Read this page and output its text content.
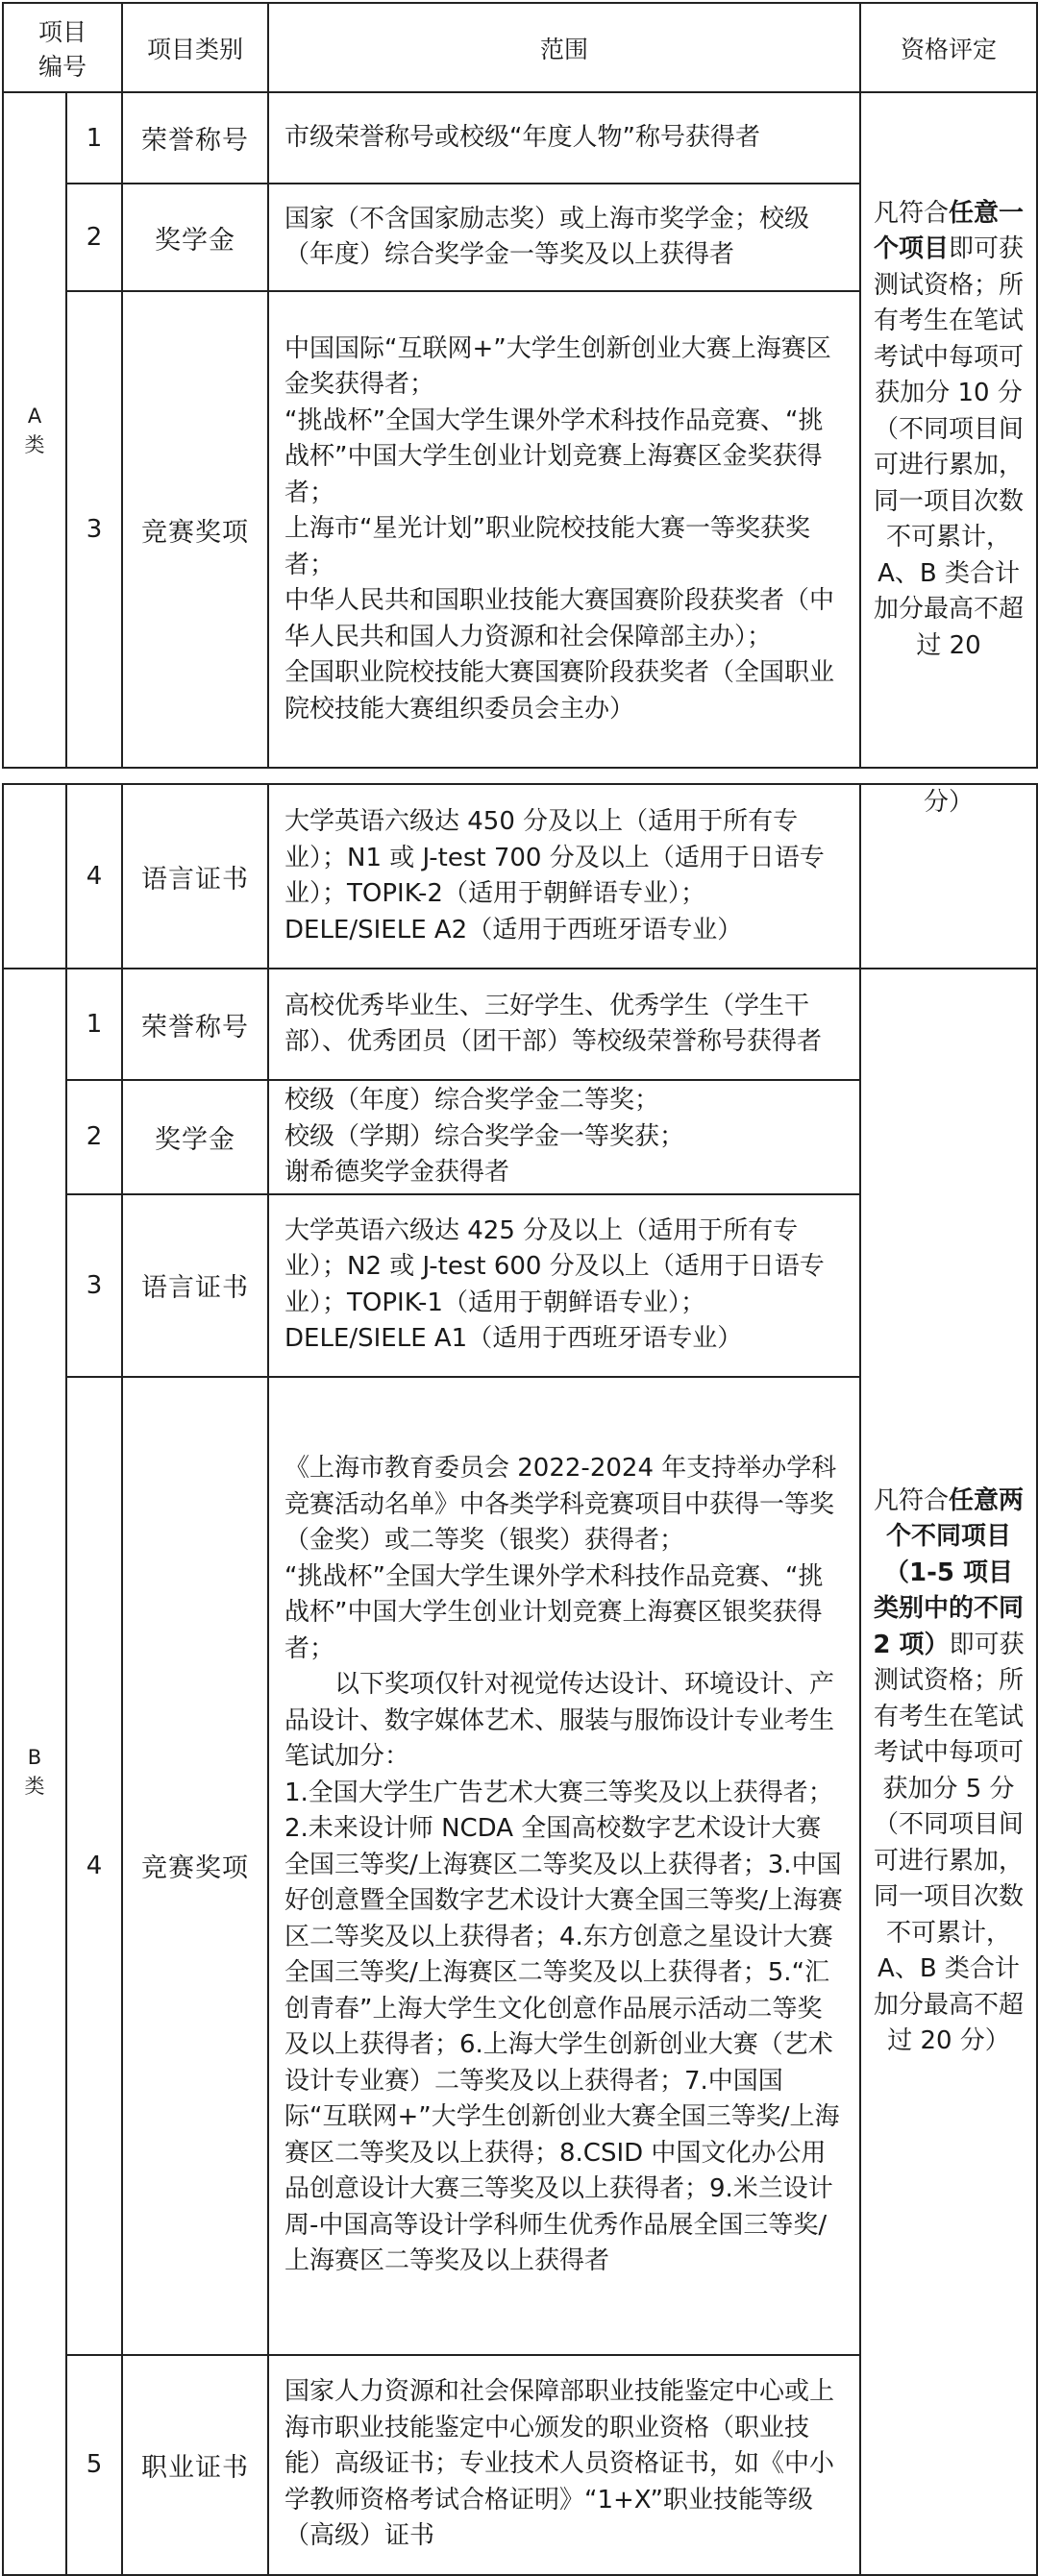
项目
编号		项目类别	范围	资格评定

A
类	1	荣誉称号	市级荣誉称号或校级“年度人物”称号获得者	凡符合任意一个项目即可获测试资格；所有考生在笔试考试中每项可获加分 10 分（不同项目间可进行累加，同一项目次数不可累计，A、B 类合计加分最高不超过 20
	2	奖学金	国家（不含国家励志奖）或上海市奖学金；校级（年度）综合奖学金一等奖及以上获得者	
	3	竞赛奖项	中国国际“互联网+”大学生创新创业大赛上海赛区金奖获得者；
“挑战杯”全国大学生课外学术科技作品竞赛、“挑战杯”中国大学生创业计划竞赛上海赛区金奖获得者；
上海市“星光计划”职业院校技能大赛一等奖获奖者；
中华人民共和国职业技能大赛国赛阶段获奖者（中华人民共和国人力资源和社会保障部主办）；
全国职业院校技能大赛国赛阶段获奖者（全国职业院校技能大赛组织委员会主办）	
	4	语言证书	大学英语六级达 450 分及以上（适用于所有专业）；N1 或 J-test 700 分及以上（适用于日语专业）；TOPIK-2（适用于朝鲜语专业）；DELE/SIELE A2（适用于西班牙语专业）	分）

B
类	1	荣誉称号	高校优秀毕业生、三好学生、优秀学生（学生干部）、优秀团员（团干部）等校级荣誉称号获得者	凡符合任意两个不同项目（1-5 项目类别中的不同 2 项）即可获测试资格；所有考生在笔试考试中每项可获加分 5 分（不同项目间可进行累加，同一项目次数不可累计，A、B 类合计加分最高不超过 20 分）
	2	奖学金	校级（年度）综合奖学金二等奖；
校级（学期）综合奖学金一等奖获；
谢希德奖学金获得者	

	3	语言证书	大学英语六级达 425 分及以上（适用于所有专业）；N2 或 J-test 600 分及以上（适用于日语专业）；TOPIK-1（适用于朝鲜语专业）；DELE/SIELE A1（适用于西班牙语专业）	
	4	竞赛奖项	《上海市教育委员会 2022-2024 年支持举办学科竞赛活动名单》中各类学科竞赛项目中获得一等奖（金奖）或二等奖（银奖）获得者；
“挑战杯”全国大学生课外学术科技作品竞赛、“挑战杯”中国大学生创业计划竞赛上海赛区银奖获得者；
以下奖项仅针对视觉传达设计、环境设计、产品设计、数字媒体艺术、服装与服饰设计专业考生笔试加分：
1.全国大学生广告艺术大赛三等奖及以上获得者；2.未来设计师 NCDA 全国高校数字艺术设计大赛全国三等奖/上海赛区二等奖及以上获得者；3.中国好创意暨全国数字艺术设计大赛全国三等奖/上海赛区二等奖及以上获得者；4.东方创意之星设计大赛全国三等奖/上海赛区二等奖及以上获得者；5.“汇创青春”上海大学生文化创意作品展示活动二等奖及以上获得者；6.上海大学生创新创业大赛（艺术设计专业赛）二等奖及以上获得者；7.中国国际“互联网+”大学生创新创业大赛全国三等奖/上海赛区二等奖及以上获得；8.CSID 中国文化办公用品创意设计大赛三等奖及以上获得者；9.米兰设计周-中国高等设计学科师生优秀作品展全国三等奖/上海赛区二等奖及以上获得者	

	5	职业证书	国家人力资源和社会保障部职业技能鉴定中心或上海市职业技能鉴定中心颁发的职业资格（职业技能）高级证书；专业技术人员资格证书，如《中小学教师资格考试合格证明》“1+X”职业技能等级（高级）证书	
